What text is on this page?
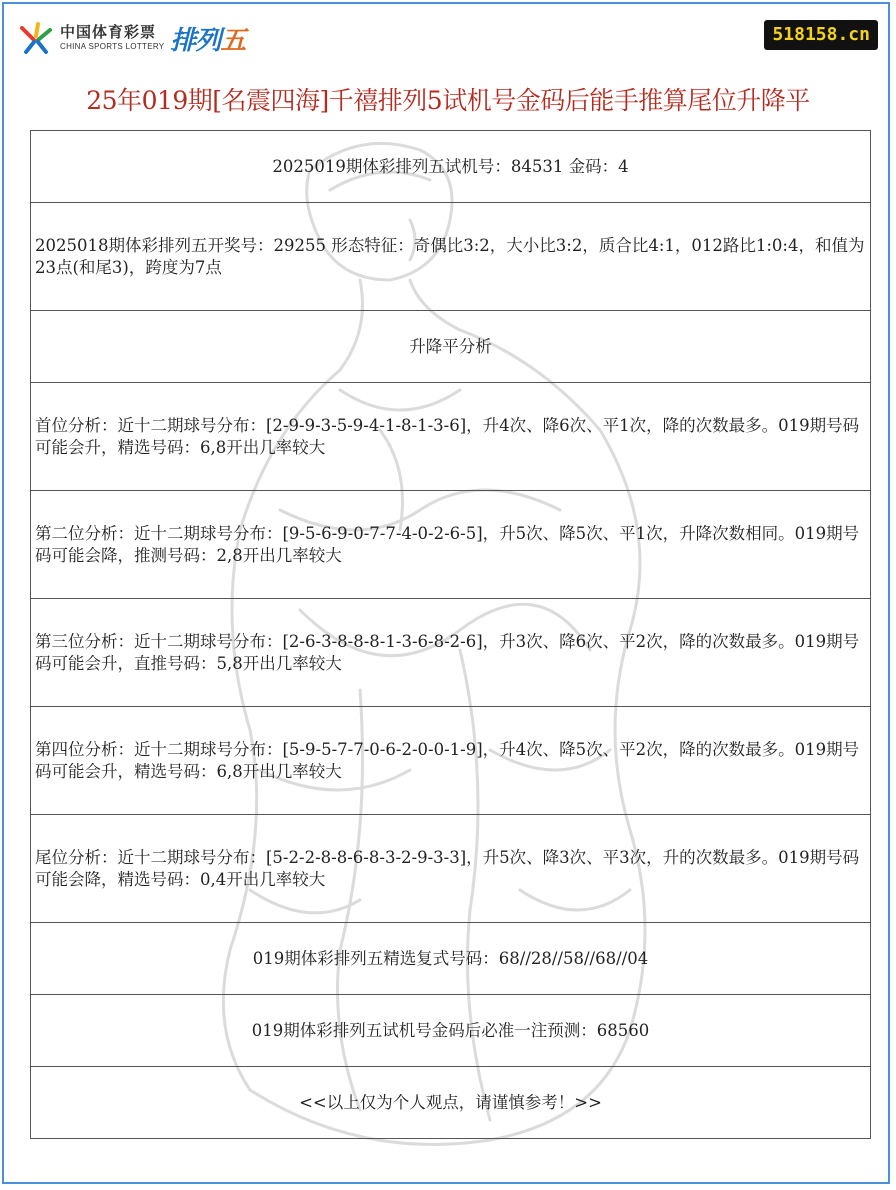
中国体育彩票
CHINA SPORTS LOTTERY 排列五	518158.cn
25年019期[名震四海]千禧排列5试机号金码后能手推算尾位升降平
2025019期体彩排列五试机号：84531 金码：4
2025018期体彩排列五开奖号：29255 形态特征：奇偶比3:2，大小比3:2，质合比4:1，012路比1:0:4，和值为23点(和尾3)，跨度为7点
升降平分析
首位分析：近十二期球号分布：[2-9-9-3-5-9-4-1-8-1-3-6]，升4次、降6次、平1次，降的次数最多。019期号码可能会升，精选号码：6,8开出几率较大
第二位分析：近十二期球号分布：[9-5-6-9-0-7-7-4-0-2-6-5]，升5次、降5次、平1次，升降次数相同。019期号码可能会降，推测号码：2,8开出几率较大
第三位分析：近十二期球号分布：[2-6-3-8-8-8-1-3-6-8-2-6]，升3次、降6次、平2次，降的次数最多。019期号码可能会升，直推号码：5,8开出几率较大
第四位分析：近十二期球号分布：[5-9-5-7-7-0-6-2-0-0-1-9]，升4次、降5次、平2次，降的次数最多。019期号码可能会升，精选号码：6,8开出几率较大
尾位分析：近十二期球号分布：[5-2-2-8-8-6-8-3-2-9-3-3]，升5次、降3次、平3次，升的次数最多。019期号码可能会降，精选号码：0,4开出几率较大
019期体彩排列五精选复式号码：68//28//58//68//04
019期体彩排列五试机号金码后必准一注预测：68560
<<以上仅为个人观点，请谨慎参考！>>
